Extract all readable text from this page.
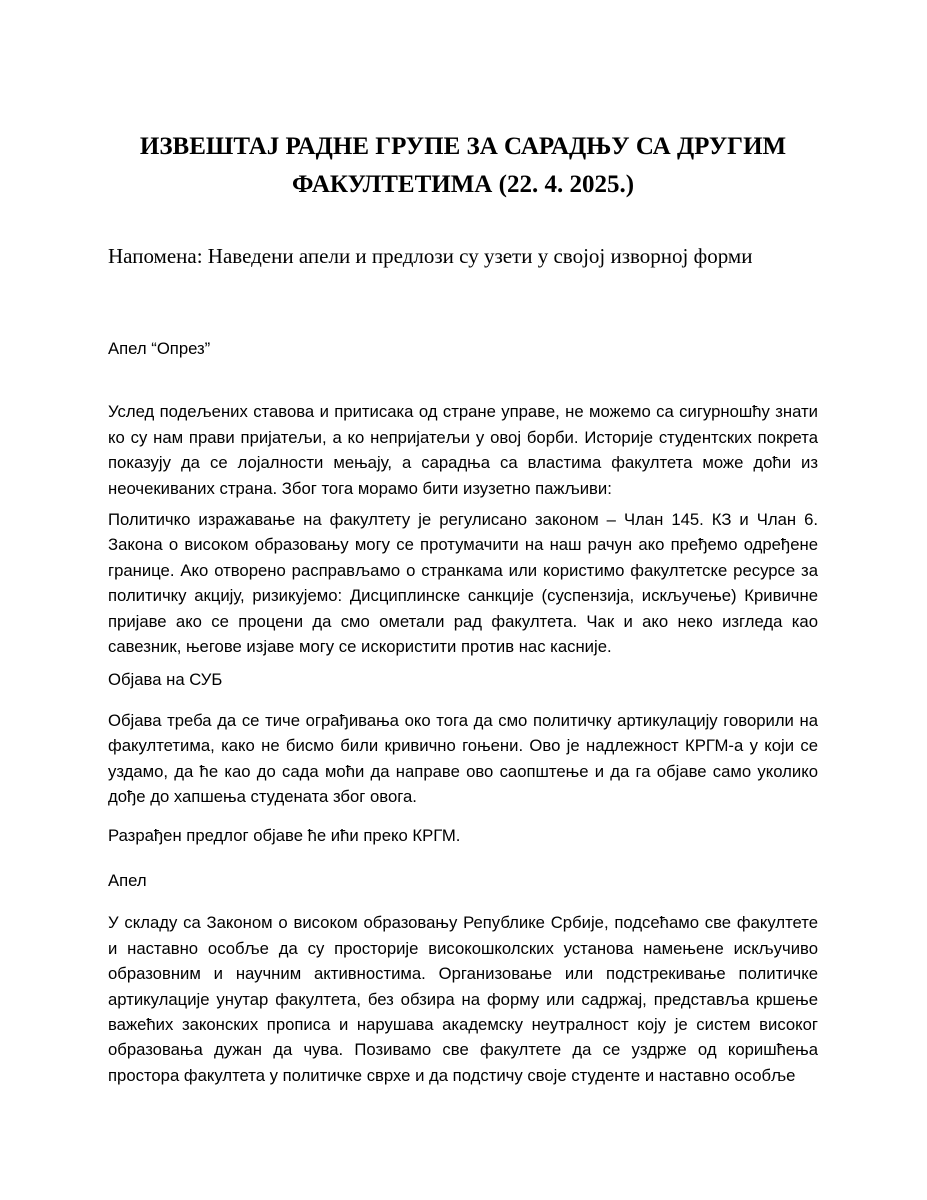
ИЗВЕШТАЈ РАДНЕ ГРУПЕ ЗА САРАДЊУ СА ДРУГИМ
ФАКУЛТЕТИМА (22. 4. 2025.)

Напомена: Наведени апели и предлози су узети у својој изворној форми

Апел “Опрез”

Услед подељених ставова и притисака од стране управе, не можемо са сигурношћу знати ко су нам прави пријатељи, а ко непријатељи у овој борби. Историје студентских покрета показују да се лојалности мењају, а сарадња са властима факултета може доћи из неочекиваних страна. Због тога морамо бити изузетно пажљиви:

Политичко изражавање на факултету је регулисано законом – Члан 145. КЗ и Члан 6. Закона о високом образовању могу се протумачити на наш рачун ако пређемо одређене границе. Ако отворено расправљамо о странкама или користимо факултетске ресурсе за политичку акцију, ризикујемо: Дисциплинске санкције (суспензија, искључење) Кривичне пријаве ако се процени да смо ометали рад факултета. Чак и ако неко изгледа као савезник, његове изјаве могу се искористити против нас касније.

Објава на СУБ

Објава треба да се тиче ограђивања око тога да смо политичку артикулацију говорили на факултетима, како не бисмо били кривично гоњени. Ово је надлежност КРГМ-а у који се уздамо, да ће као до сада моћи да направе ово саопштење и да га објаве само уколико дође до хапшења студената због овога.

Разрађен предлог објаве ће ићи преко КРГМ.

Апел

У складу са Законом о високом образовању Републике Србије, подсећамо све факултете и наставно особље да су просторије високошколских установа намењене искључиво образовним и научним активностима. Организовање или подстрекивање политичке артикулације унутар факултета, без обзира на форму или садржај, представља кршење важећих законских прописа и нарушава академску неутралност коју је систем високог образовања дужан да чува. Позивамо све факултете да се уздрже од коришћења простора факултета у политичке сврхе и да подстичу своје студенте и наставно особље
